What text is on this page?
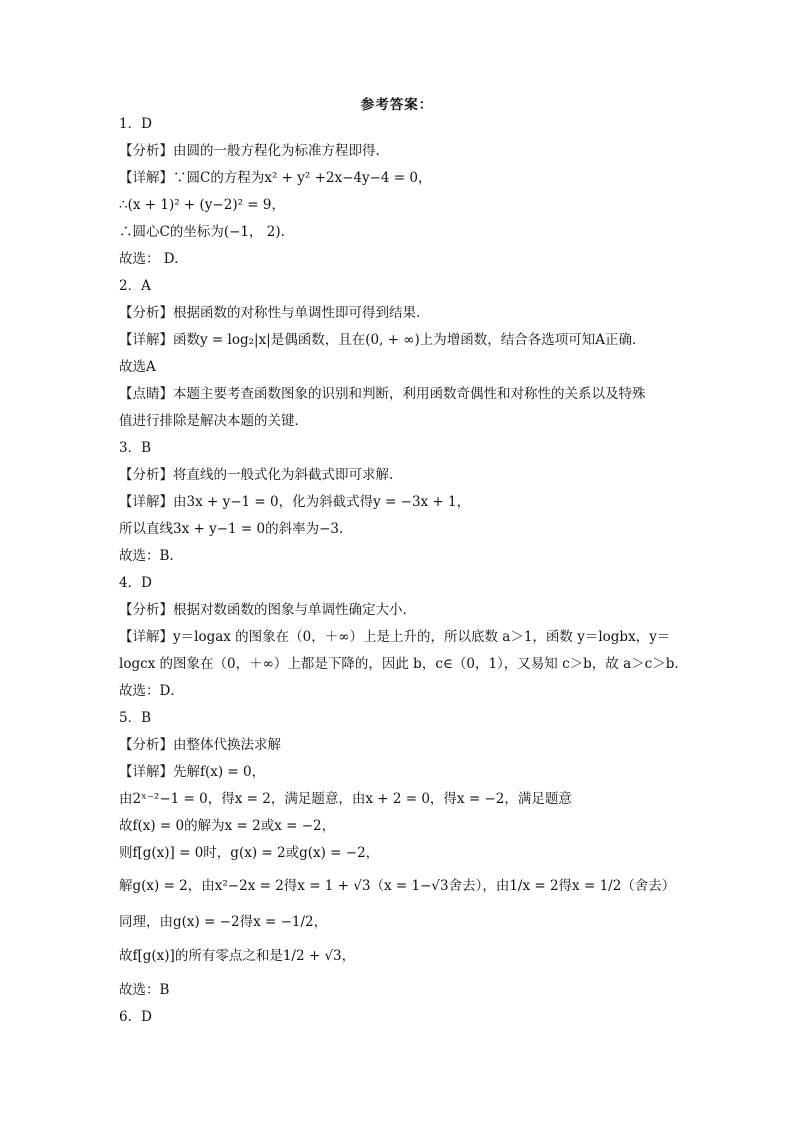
参考答案：
1．D
【分析】由圆的一般方程化为标准方程即得.
【详解】∵圆C的方程为x² + y² +2x−4y−4 = 0，
∴(x + 1)² + (y−2)² = 9，
∴圆心C的坐标为(−1， 2).
故选： D.
2．A
【分析】根据函数的对称性与单调性即可得到结果.
【详解】函数y = log₂|x|是偶函数，且在(0, + ∞)上为增函数，结合各选项可知A正确．
故选A
【点睛】本题主要考查函数图象的识别和判断，利用函数奇偶性和对称性的关系以及特殊
值进行排除是解决本题的关键．
3．B
【分析】将直线的一般式化为斜截式即可求解.
【详解】由3x + y−1 = 0，化为斜截式得y = −3x + 1，
所以直线3x + y−1 = 0的斜率为−3.
故选：B.
4．D
【分析】根据对数函数的图象与单调性确定大小．
【详解】y＝logax 的图象在（0，＋∞）上是上升的，所以底数 a＞1，函数 y＝logbx，y＝
logcx 的图象在（0，＋∞）上都是下降的，因此 b，c∈（0，1），又易知 c＞b，故 a＞c＞b.
故选：D．
5．B
【分析】由整体代换法求解
【详解】先解f(x) = 0，
由2ˣ⁻²−1 = 0，得x = 2，满足题意，由x + 2 = 0，得x = −2，满足题意
故f(x) = 0的解为x = 2或x = −2，
则f[g(x)] = 0时，g(x) = 2或g(x) = −2，
解g(x) = 2，由x²−2x = 2得x = 1 + √3（x = 1−√3舍去），由1/x = 2得x = 1/2（舍去）
同理，由g(x) = −2得x = −1/2，
故f[g(x)]的所有零点之和是1/2 + √3，
故选：B
6．D
